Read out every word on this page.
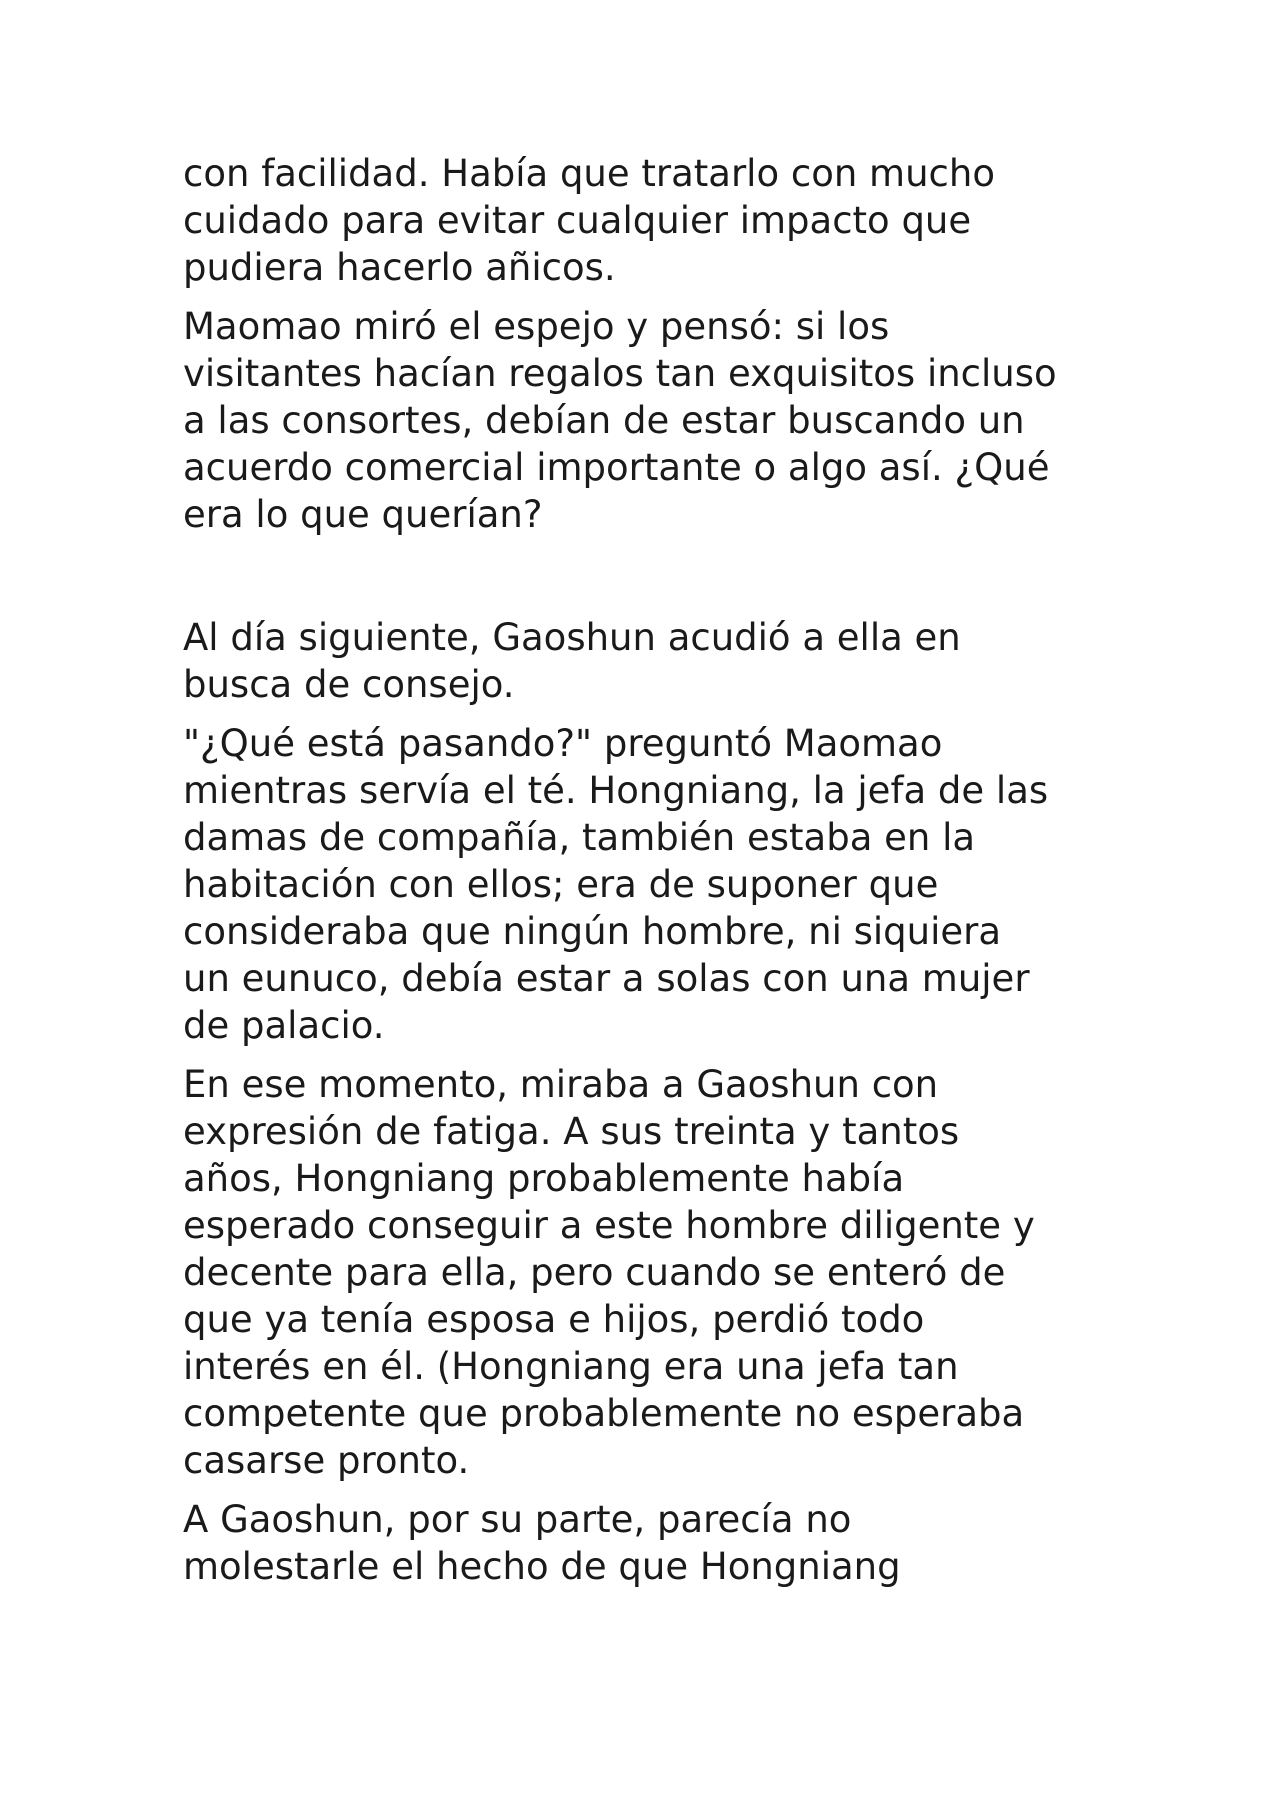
con facilidad. Había que tratarlo con mucho
cuidado para evitar cualquier impacto que
pudiera hacerlo añicos.
Maomao miró el espejo y pensó: si los
visitantes hacían regalos tan exquisitos incluso
a las consortes, debían de estar buscando un
acuerdo comercial importante o algo así. ¿Qué
era lo que querían?
Al día siguiente, Gaoshun acudió a ella en
busca de consejo.
"¿Qué está pasando?" preguntó Maomao
mientras servía el té. Hongniang, la jefa de las
damas de compañía, también estaba en la
habitación con ellos; era de suponer que
consideraba que ningún hombre, ni siquiera
un eunuco, debía estar a solas con una mujer
de palacio.
En ese momento, miraba a Gaoshun con
expresión de fatiga. A sus treinta y tantos
años, Hongniang probablemente había
esperado conseguir a este hombre diligente y
decente para ella, pero cuando se enteró de
que ya tenía esposa e hijos, perdió todo
interés en él. (Hongniang era una jefa tan
competente que probablemente no esperaba
casarse pronto.
A Gaoshun, por su parte, parecía no
molestarle el hecho de que Hongniang
